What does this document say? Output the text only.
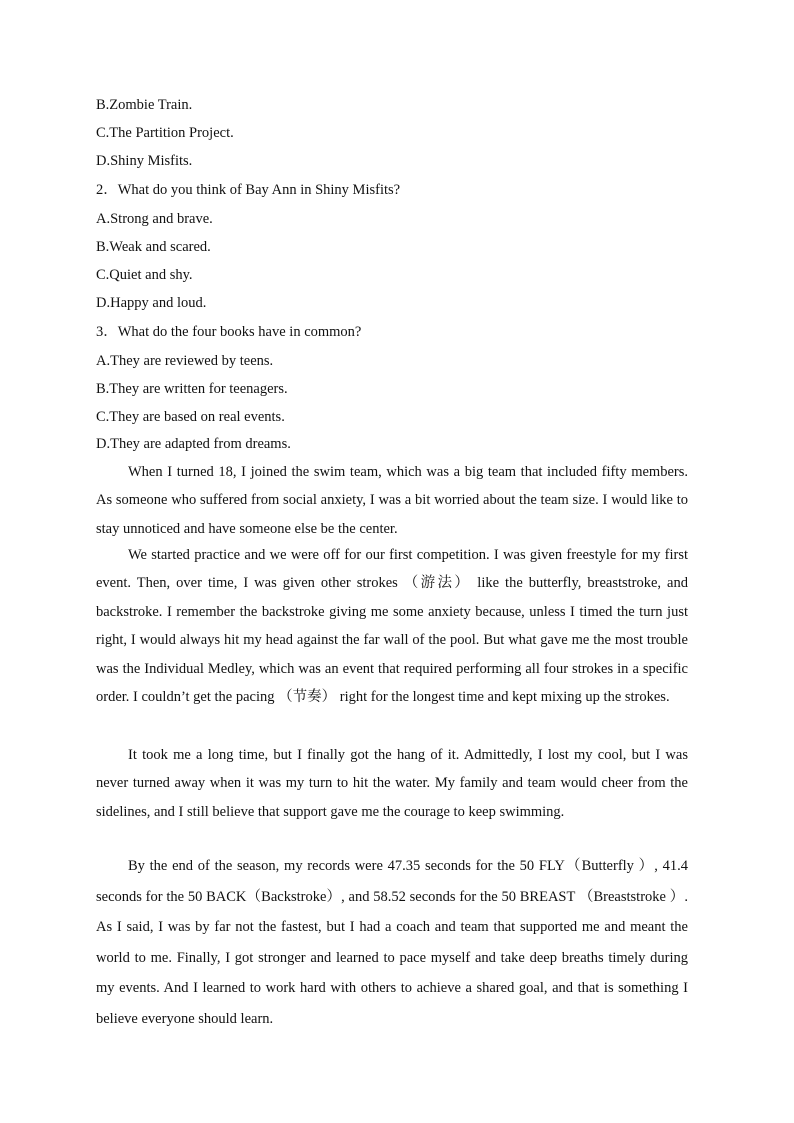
B.Zombie Train.
C.The Partition Project.
D.Shiny Misfits.
2．What do you think of Bay Ann in Shiny Misfits?
A.Strong and brave.
B.Weak and scared.
C.Quiet and shy.
D.Happy and loud.
3．What do the four books have in common?
A.They are reviewed by teens.
B.They are written for teenagers.
C.They are based on real events.
D.They are adapted from dreams.

When I turned 18, I joined the swim team, which was a big team that included fifty members. As someone who suffered from social anxiety, I was a bit worried about the team size. I would like to stay unnoticed and have someone else be the center.

We started practice and we were off for our first competition. I was given freestyle for my first event. Then, over time, I was given other strokes （游法） like the butterfly, breaststroke, and backstroke. I remember the backstroke giving me some anxiety because, unless I timed the turn just right, I would always hit my head against the far wall of the pool. But what gave me the most trouble was the Individual Medley, which was an event that required performing all four strokes in a specific order. I couldn’t get the pacing （节奏） right for the longest time and kept mixing up the strokes.

It took me a long time, but I finally got the hang of it. Admittedly, I lost my cool, but I was never turned away when it was my turn to hit the water. My family and team would cheer from the sidelines, and I still believe that support gave me the courage to keep swimming.

By the end of the season, my records were 47.35 seconds for the 50 FLY（Butterfly ）, 41.4 seconds for the 50 BACK（Backstroke）, and 58.52 seconds for the 50 BREAST （Breaststroke ）. As I said, I was by far not the fastest, but I had a coach and team that supported me and meant the world to me. Finally, I got stronger and learned to pace myself and take deep breaths timely during my events. And I learned to work hard with others to achieve a shared goal, and that is something I believe everyone should learn.
